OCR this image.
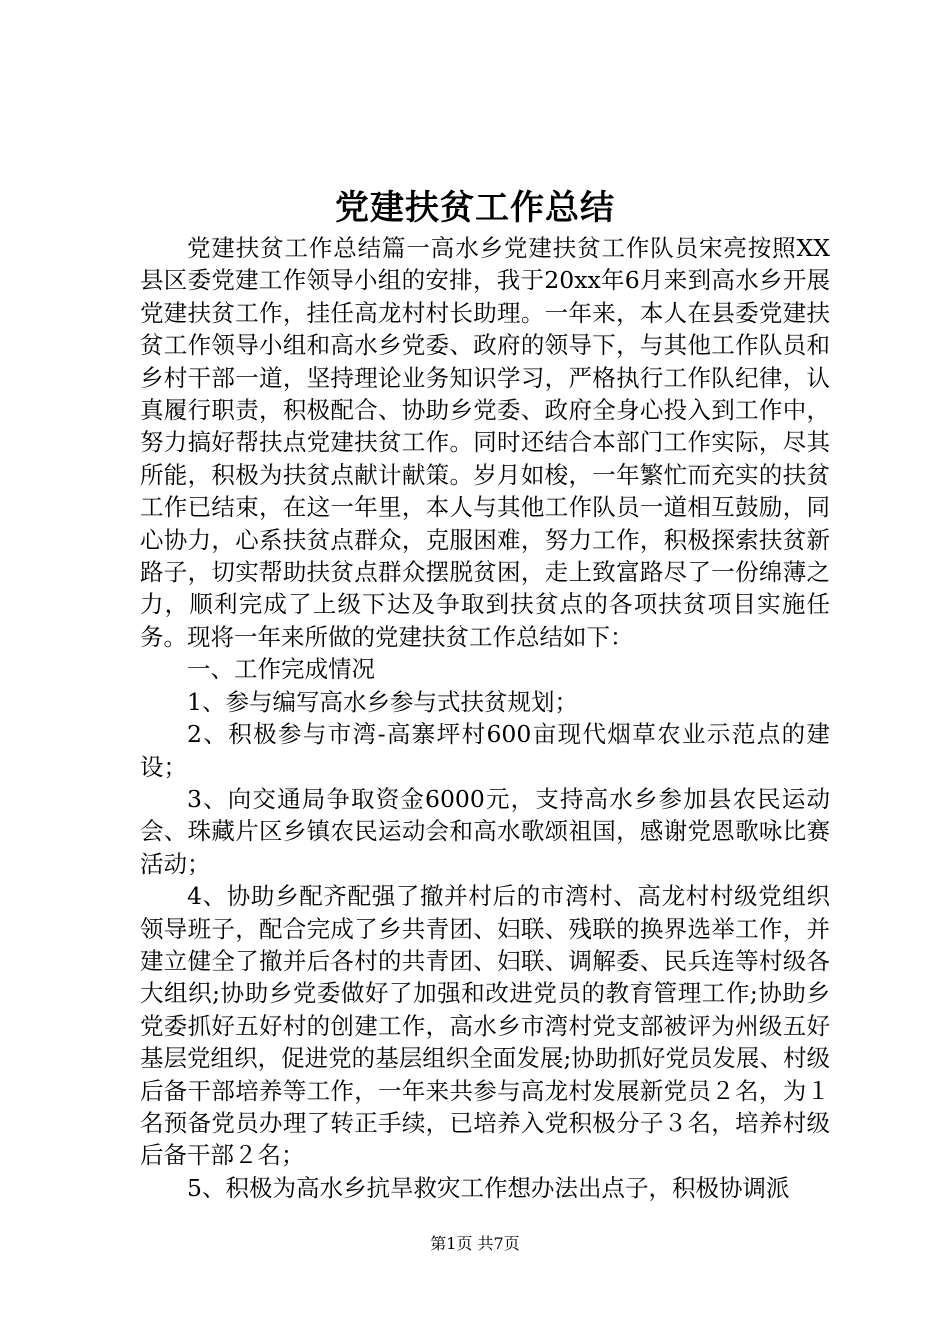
党建扶贫工作总结

党建扶贫工作总结篇一高水乡党建扶贫工作队员宋亮按照XX县区委党建工作领导小组的安排，我于20xx年6月来到高水乡开展党建扶贫工作，挂任高龙村村长助理。一年来，本人在县委党建扶贫工作领导小组和高水乡党委、政府的领导下，与其他工作队员和乡村干部一道，坚持理论业务知识学习，严格执行工作队纪律，认真履行职责，积极配合、协助乡党委、政府全身心投入到工作中，努力搞好帮扶点党建扶贫工作。同时还结合本部门工作实际，尽其所能，积极为扶贫点献计献策。岁月如梭，一年繁忙而充实的扶贫工作已结束，在这一年里，本人与其他工作队员一道相互鼓励，同心协力，心系扶贫点群众，克服困难，努力工作，积极探索扶贫新路子，切实帮助扶贫点群众摆脱贫困，走上致富路尽了一份绵薄之力，顺利完成了上级下达及争取到扶贫点的各项扶贫项目实施任务。现将一年来所做的党建扶贫工作总结如下：

一、工作完成情况

1、参与编写高水乡参与式扶贫规划；

2、积极参与市湾-高寨坪村600亩现代烟草农业示范点的建设；

3、向交通局争取资金6000元，支持高水乡参加县农民运动会、珠藏片区乡镇农民运动会和高水歌颂祖国，感谢党恩歌咏比赛活动；

4、协助乡配齐配强了撤并村后的市湾村、高龙村村级党组织领导班子，配合完成了乡共青团、妇联、残联的换界选举工作，并建立健全了撤并后各村的共青团、妇联、调解委、民兵连等村级各大组织;协助乡党委做好了加强和改进党员的教育管理工作;协助乡党委抓好五好村的创建工作，高水乡市湾村党支部被评为州级五好基层党组织，促进党的基层组织全面发展;协助抓好党员发展、村级后备干部培养等工作，一年来共参与高龙村发展新党员２名，为１名预备党员办理了转正手续，已培养入党积极分子３名，培养村级后备干部２名；

5、积极为高水乡抗旱救灾工作想办法出点子，积极协调派

第1页 共7页
